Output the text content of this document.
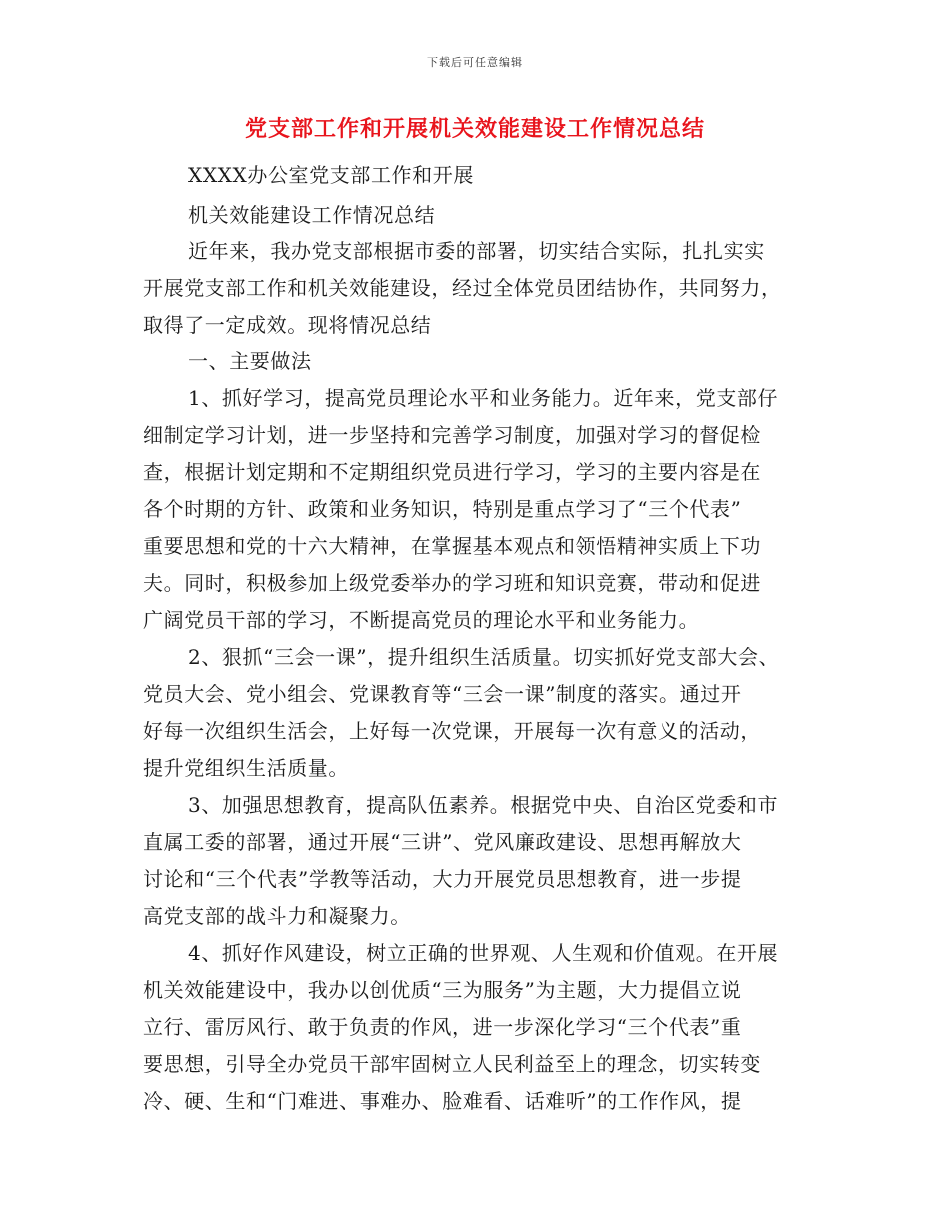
下载后可任意编辑
党支部工作和开展机关效能建设工作情况总结
XXXX办公室党支部工作和开展
机关效能建设工作情况总结
近年来，我办党支部根据市委的部署，切实结合实际，扎扎实实
开展党支部工作和机关效能建设，经过全体党员团结协作，共同努力，
取得了一定成效。现将情况总结
一、主要做法
1、抓好学习，提高党员理论水平和业务能力。近年来，党支部仔
细制定学习计划，进一步坚持和完善学习制度，加强对学习的督促检
查，根据计划定期和不定期组织党员进行学习，学习的主要内容是在
各个时期的方针、政策和业务知识，特别是重点学习了“三个代表”
重要思想和党的十六大精神，在掌握基本观点和领悟精神实质上下功
夫。同时，积极参加上级党委举办的学习班和知识竞赛，带动和促进
广阔党员干部的学习，不断提高党员的理论水平和业务能力。
2、狠抓“三会一课”，提升组织生活质量。切实抓好党支部大会、
党员大会、党小组会、党课教育等“三会一课”制度的落实。通过开
好每一次组织生活会，上好每一次党课，开展每一次有意义的活动，
提升党组织生活质量。
3、加强思想教育，提高队伍素养。根据党中央、自治区党委和市
直属工委的部署，通过开展“三讲”、党风廉政建设、思想再解放大
讨论和“三个代表”学教等活动，大力开展党员思想教育，进一步提
高党支部的战斗力和凝聚力。
4、抓好作风建设，树立正确的世界观、人生观和价值观。在开展
机关效能建设中，我办以创优质“三为服务”为主题，大力提倡立说
立行、雷厉风行、敢于负责的作风，进一步深化学习“三个代表”重
要思想，引导全办党员干部牢固树立人民利益至上的理念，切实转变
冷、硬、生和“门难进、事难办、脸难看、话难听”的工作作风，提
